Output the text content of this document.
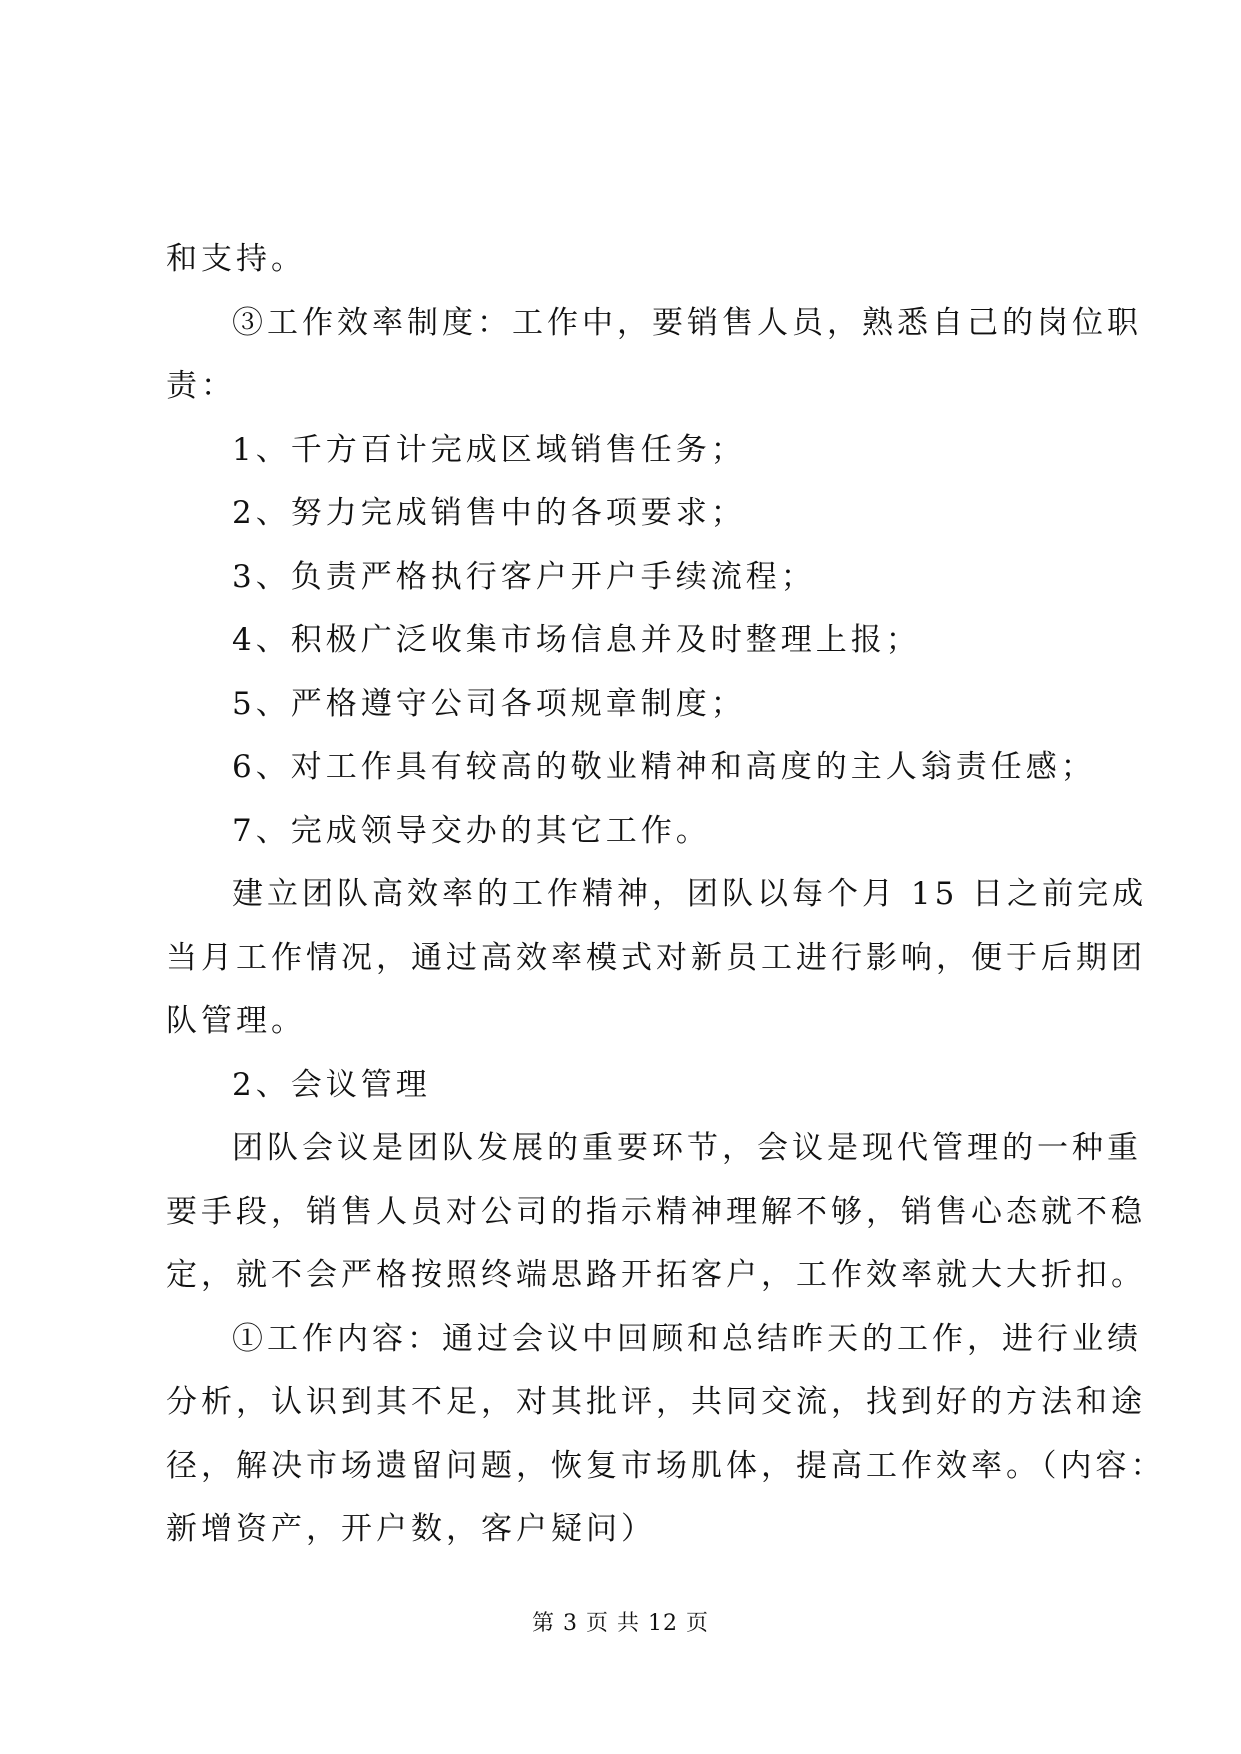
和支持。

③工作效率制度：工作中，要销售人员，熟悉自己的岗位职

责：

1、千方百计完成区域销售任务；

2、努力完成销售中的各项要求；

3、负责严格执行客户开户手续流程；

4、积极广泛收集市场信息并及时整理上报；

5、严格遵守公司各项规章制度；

6、对工作具有较高的敬业精神和高度的主人翁责任感；

7、完成领导交办的其它工作。

建立团队高效率的工作精神，团队以每个月 15 日之前完成

当月工作情况，通过高效率模式对新员工进行影响，便于后期团

队管理。

2、会议管理

团队会议是团队发展的重要环节，会议是现代管理的一种重

要手段，销售人员对公司的指示精神理解不够，销售心态就不稳

定，就不会严格按照终端思路开拓客户，工作效率就大大折扣。

①工作内容：通过会议中回顾和总结昨天的工作，进行业绩

分析，认识到其不足，对其批评，共同交流，找到好的方法和途

径，解决市场遗留问题，恢复市场肌体，提高工作效率。（内容：

新增资产，开户数，客户疑问）

第 3 页 共 12 页
